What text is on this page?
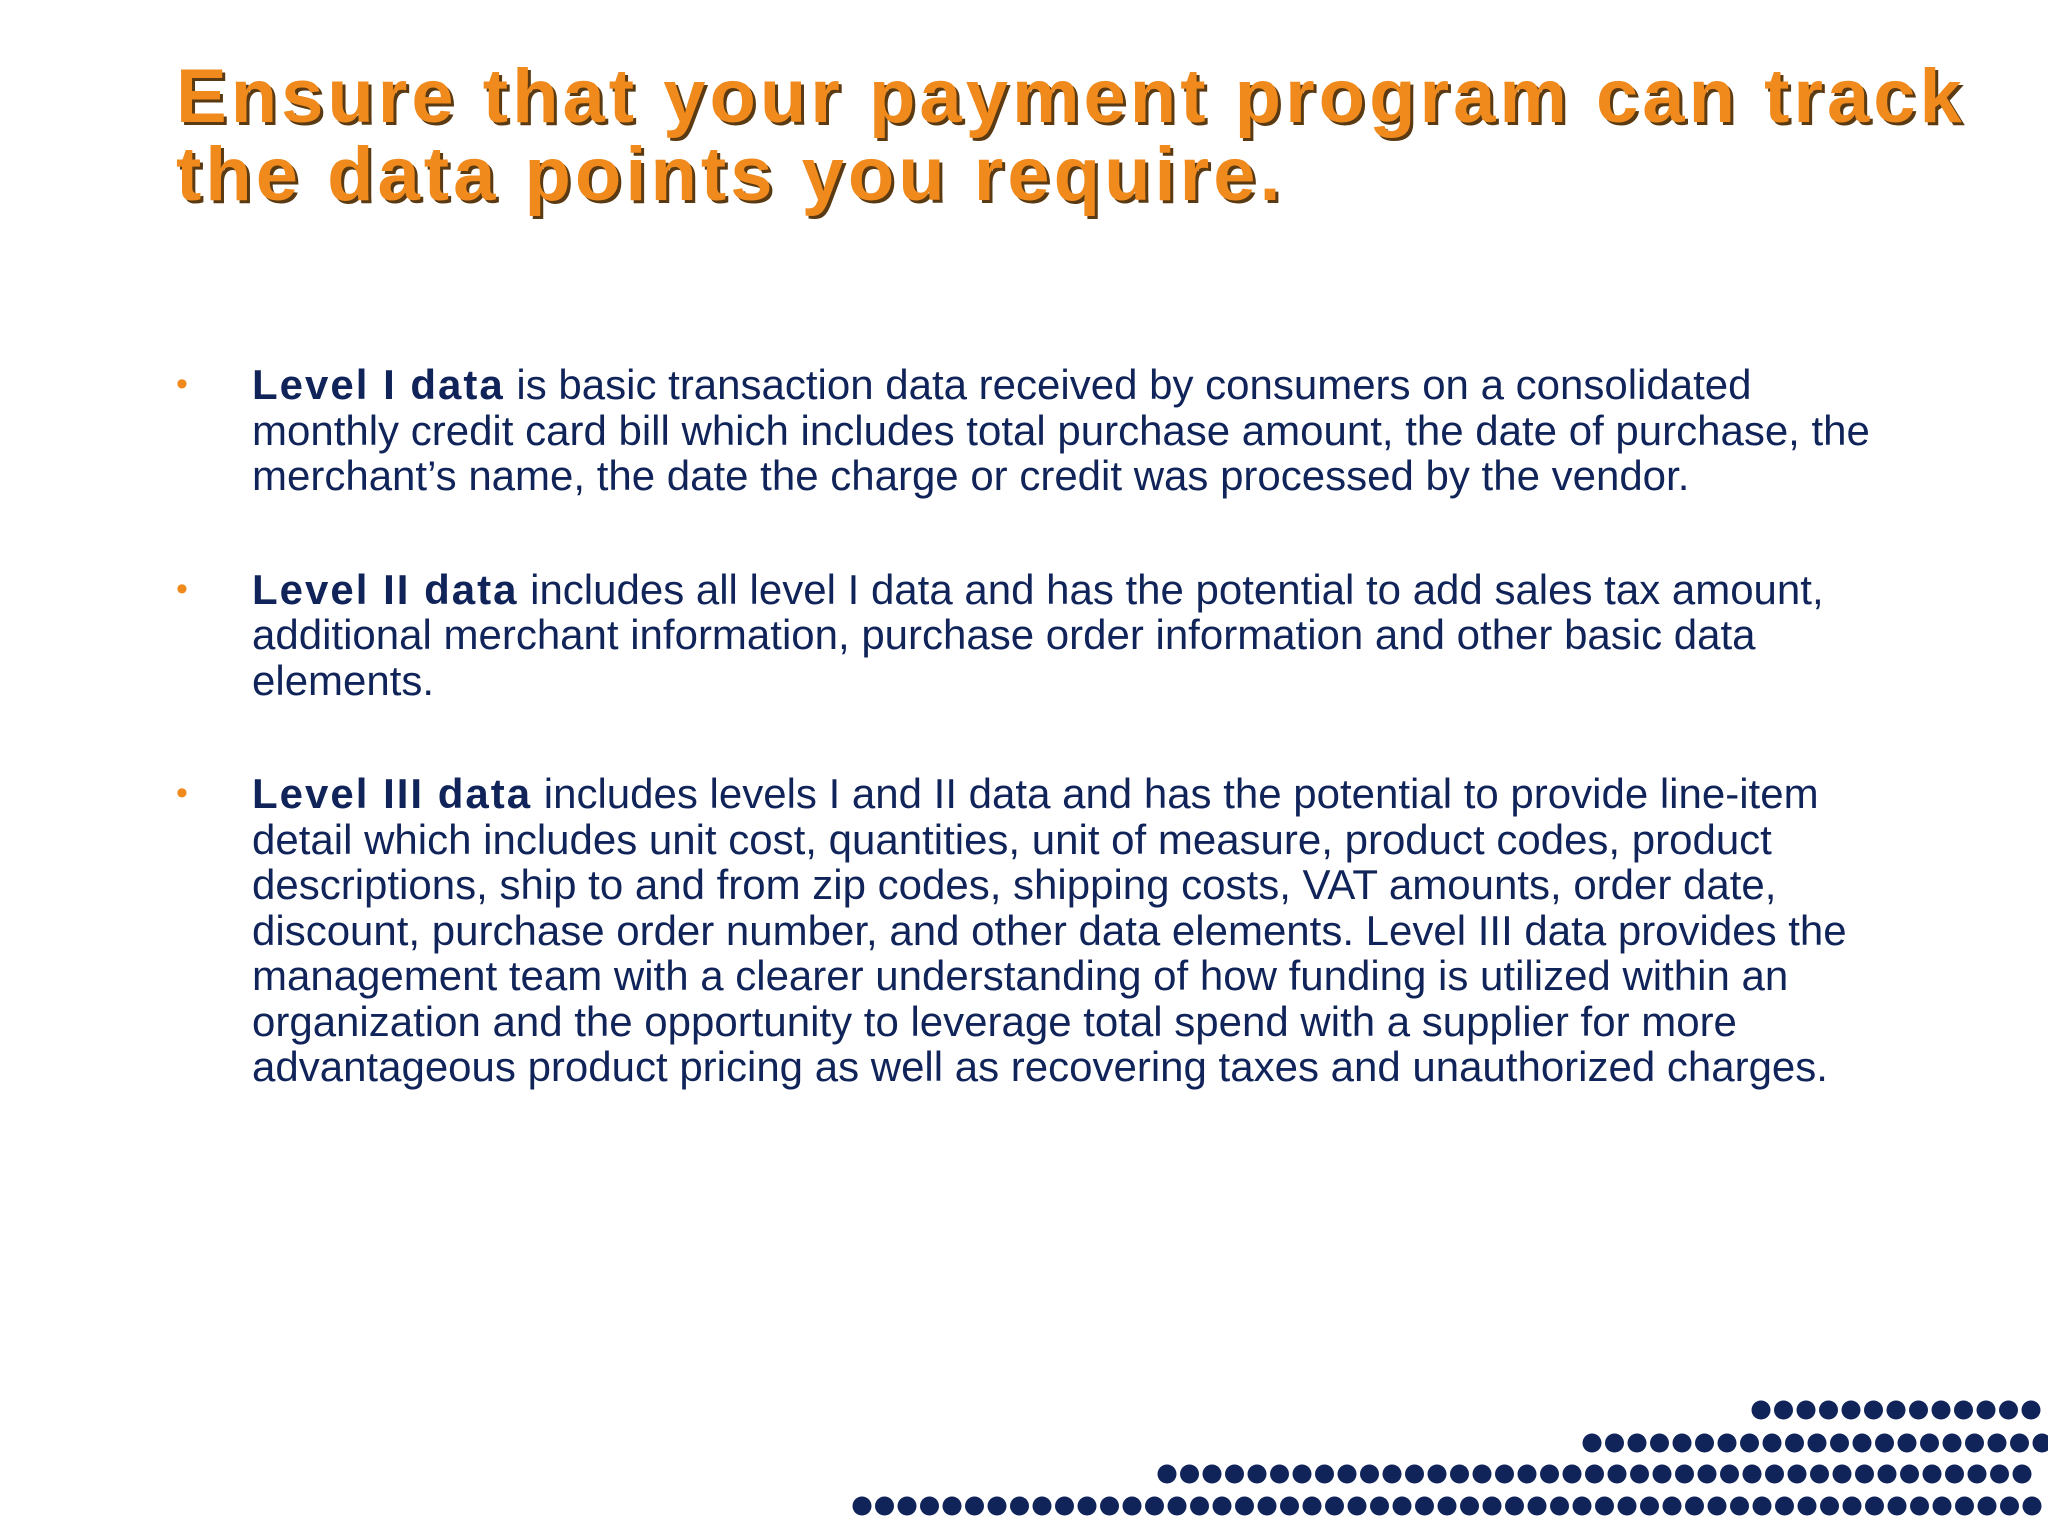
Ensure that your payment program can track the data points you require.
• Level I data is basic transaction data received by consumers on a consolidated monthly credit card bill which includes total purchase amount, the date of purchase, the merchant’s name, the date the charge or credit was processed by the vendor.
• Level II data includes all level I data and has the potential to add sales tax amount, additional merchant information, purchase order information and other basic data elements.
• Level III data includes levels I and II data and has the potential to provide line-item detail which includes unit cost, quantities, unit of measure, product codes, product descriptions, ship to and from zip codes, shipping costs, VAT amounts, order date, discount, purchase order number, and other data elements. Level III data provides the management team with a clearer understanding of how funding is utilized within an organization and the opportunity to leverage total spend with a supplier for more advantageous product pricing as well as recovering taxes and unauthorized charges.
